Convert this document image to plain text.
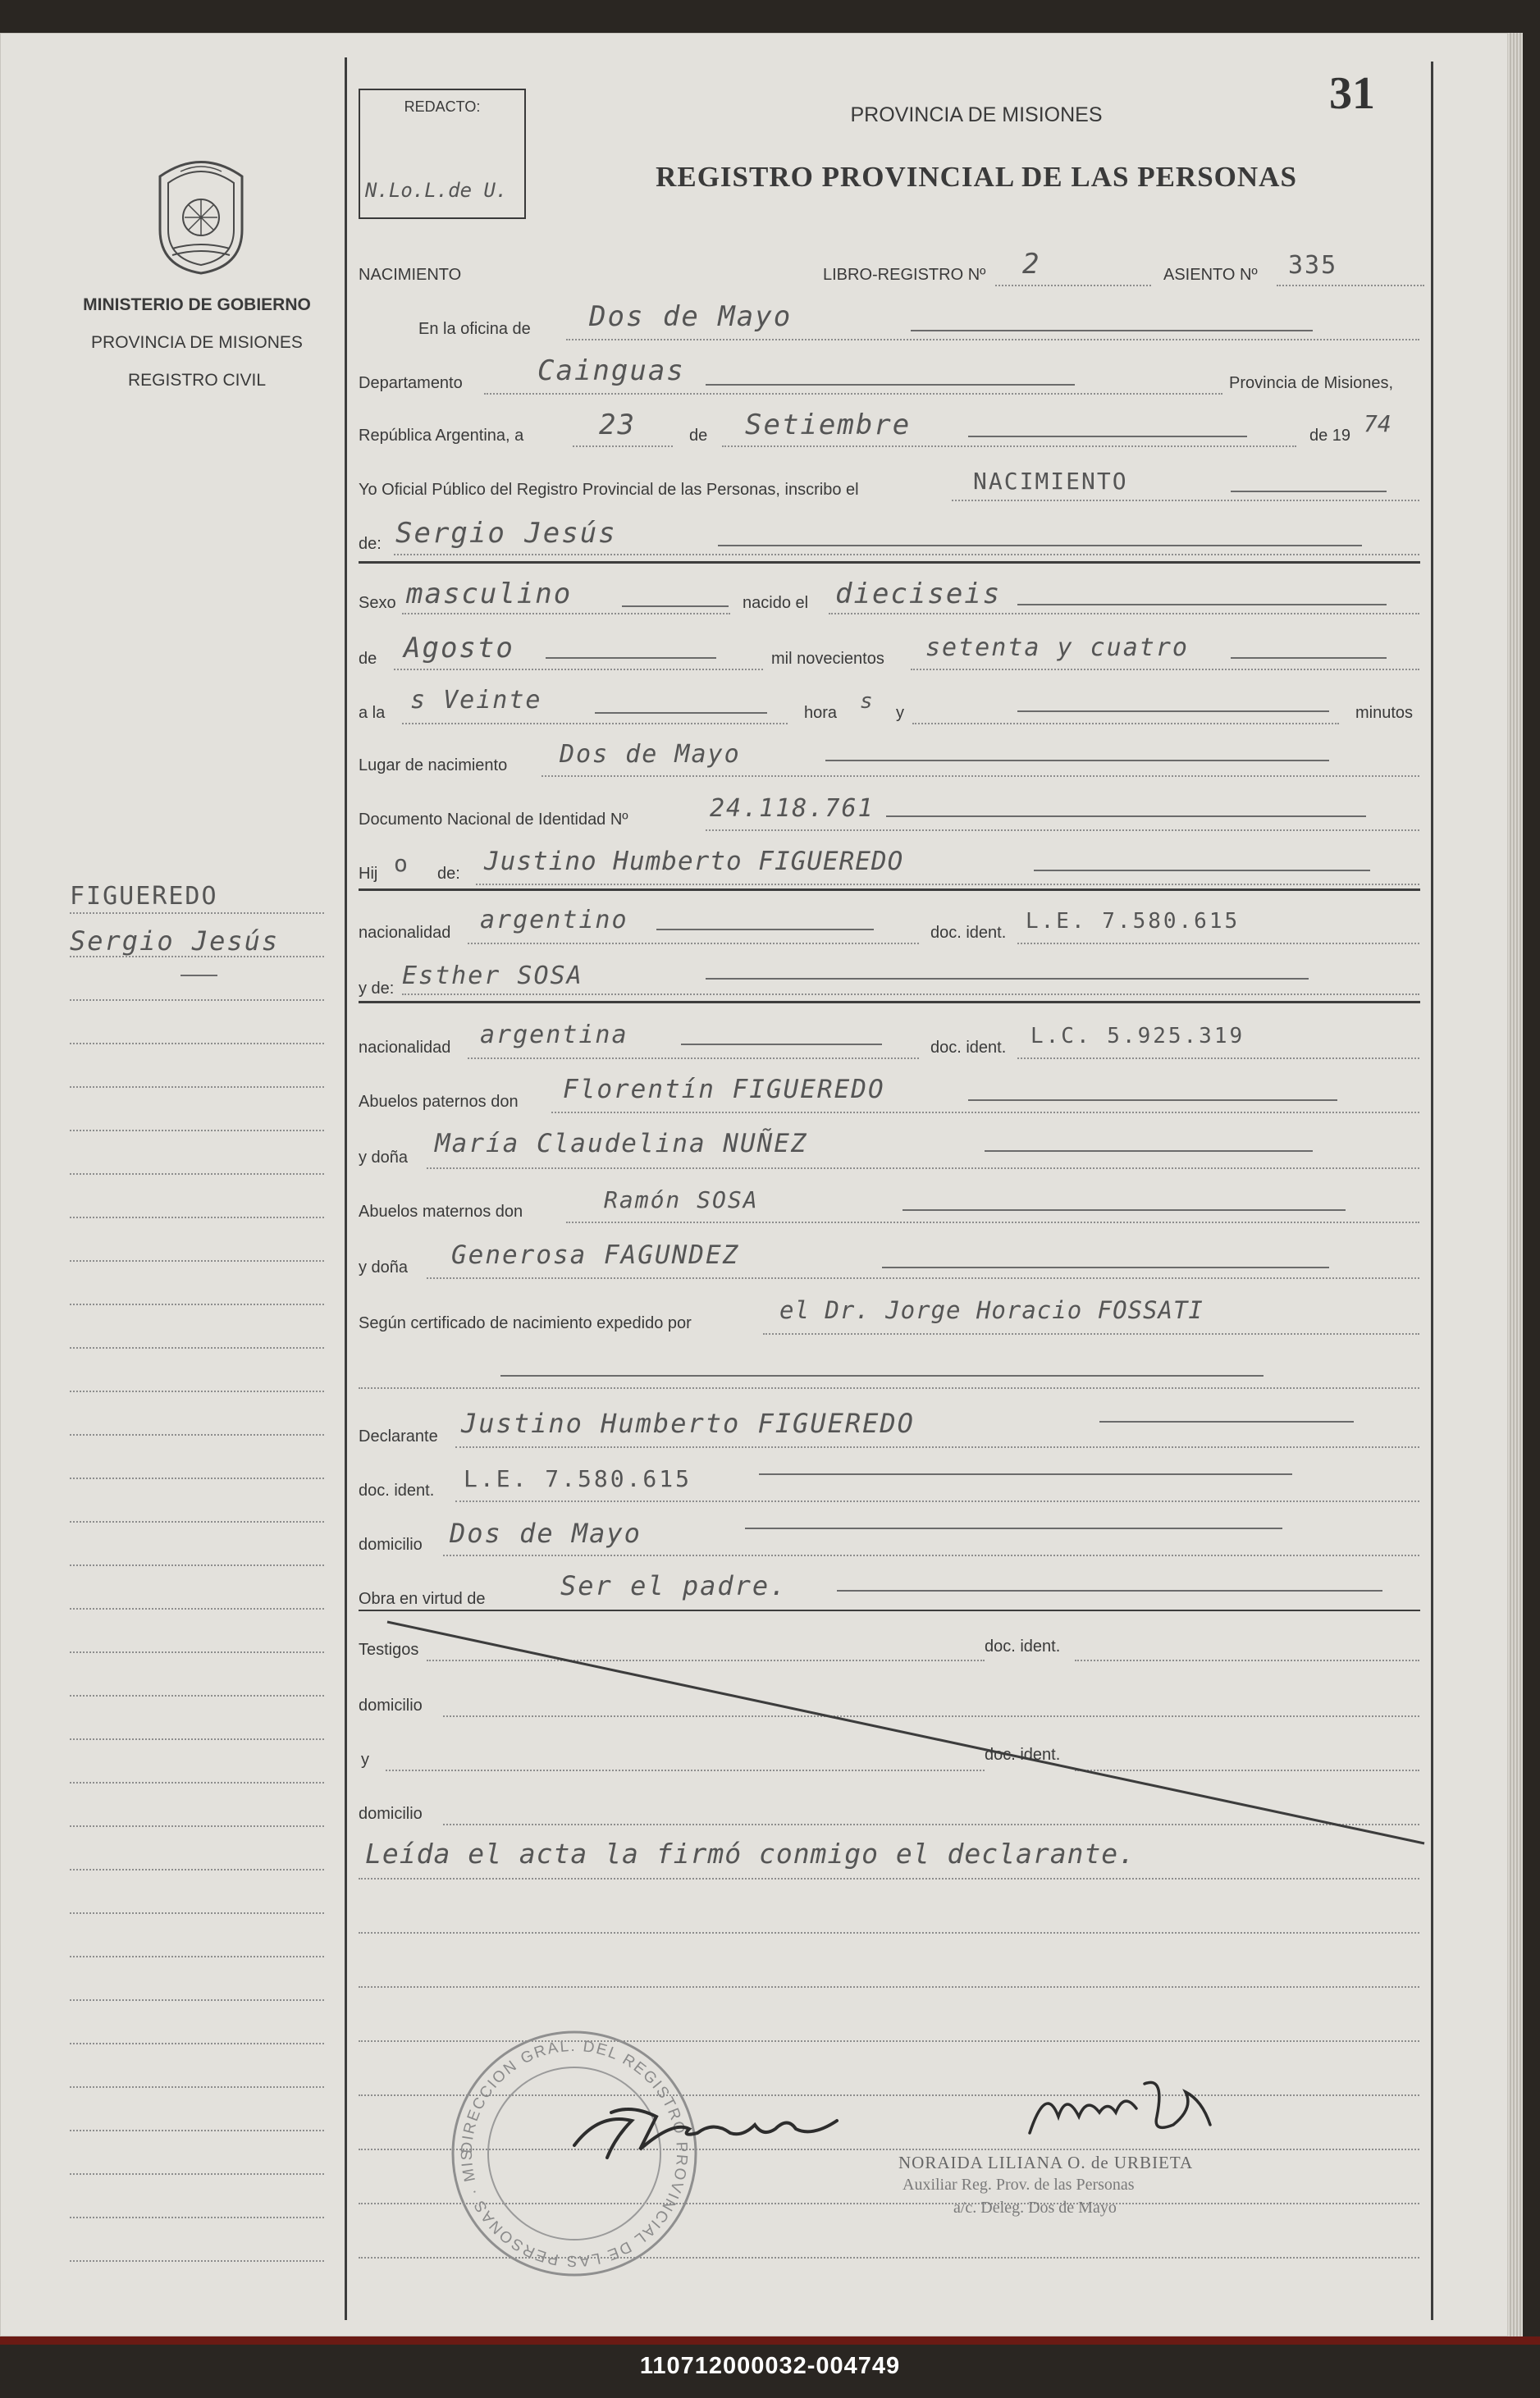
MINISTERIO DE GOBIERNO
PROVINCIA DE MISIONES
REGISTRO CIVIL
FIGUEREDO
Sergio Jesús
REDACTO:
N.Lo.L.de U.
PROVINCIA DE MISIONES
REGISTRO PROVINCIAL DE LAS PERSONAS
31
NACIMIENTO	LIBRO-REGISTRO Nº 2	ASIENTO Nº 335
En la oficina de Dos de Mayo
Departamento	Cainguas	Provincia de Misiones,
República Argentina, a	23	de Setiembre	de 19 74
Yo Oficial Público del Registro Provincial de las Personas, inscribo el	NACIMIENTO
de: Sergio Jesús
Sexo masculino	nacido el dieciseis
de Agosto	mil novecientos setenta y cuatro
a la s Veinte	hora s y	minutos
Lugar de nacimiento Dos de Mayo
Documento Nacional de Identidad Nº	24.118.761
Hij o de: Justino Humberto FIGUEREDO
nacionalidad argentino	doc. ident. L.E. 7.580.615
y de: Esther SOSA
nacionalidad argentina	doc. ident. L.C. 5.925.319
Abuelos paternos don Florentín FIGUEREDO
y doña María Claudelina NUÑEZ
Abuelos maternos don	Ramón SOSA
y doña Generosa FAGUNDEZ
Según certificado de nacimiento expedido por	el Dr. Jorge Horacio FOSSATI
Declarante Justino Humberto FIGUEREDO
doc. ident. L.E. 7.580.615
domicilio Dos de Mayo
Obra en virtud de	Ser el padre.
Testigos	doc. ident.
domicilio
y	doc. ident.
domicilio
Leída el acta la firmó conmigo el declarante.
DIRECCION GRAL. DEL REGISTRO PROVINCIAL DE LAS PERSONAS · MIS	NORAIDA LILIANA O. de URBIETA
Auxiliar Reg. Prov. de las Personas
a/c. Deleg. Dos de Mayo
110712000032-004749
